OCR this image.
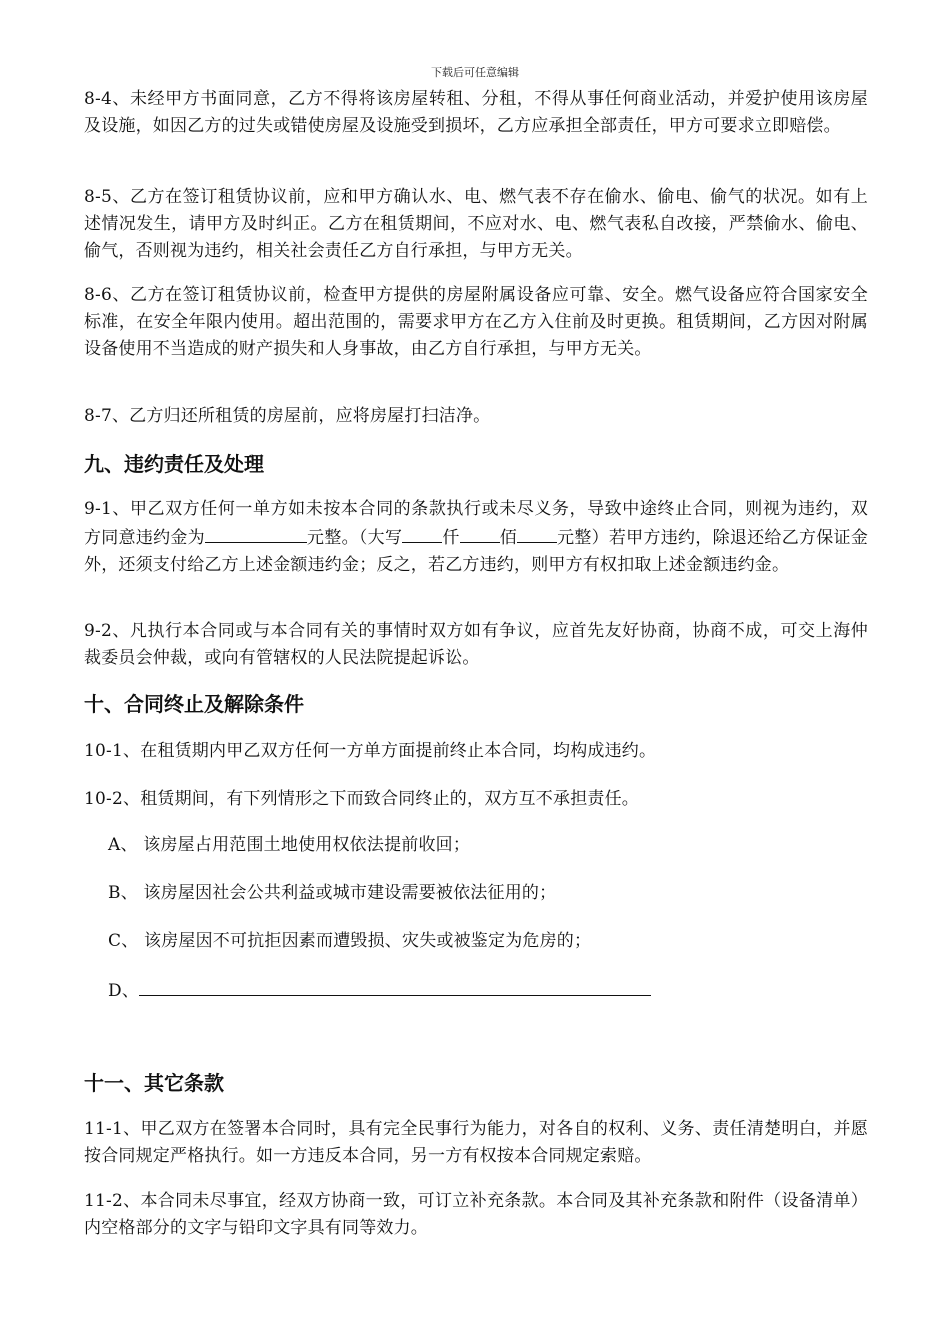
下载后可任意编辑
8-4、未经甲方书面同意，乙方不得将该房屋转租、分租，不得从事任何商业活动，并爱护使用该房屋及设施，如因乙方的过失或错使房屋及设施受到损坏，乙方应承担全部责任，甲方可要求立即赔偿。
8-5、乙方在签订租赁协议前，应和甲方确认水、电、燃气表不存在偷水、偷电、偷气的状况。如有上述情况发生，请甲方及时纠正。乙方在租赁期间，不应对水、电、燃气表私自改接，严禁偷水、偷电、偷气，否则视为违约，相关社会责任乙方自行承担，与甲方无关。
8-6、乙方在签订租赁协议前，检查甲方提供的房屋附属设备应可靠、安全。燃气设备应符合国家安全标准，在安全年限内使用。超出范围的，需要求甲方在乙方入住前及时更换。租赁期间，乙方因对附属设备使用不当造成的财产损失和人身事故，由乙方自行承担，与甲方无关。
8-7、乙方归还所租赁的房屋前，应将房屋打扫洁净。
九、违约责任及处理
9-1、甲乙双方任何一单方如未按本合同的条款执行或未尽义务，导致中途终止合同，则视为违约，双方同意违约金为	元整。（大写 仟 佰 元整）若甲方违约，除退还给乙方保证金外，还须支付给乙方上述金额违约金；反之，若乙方违约，则甲方有权扣取上述金额违约金。
9-2、凡执行本合同或与本合同有关的事情时双方如有争议，应首先友好协商，协商不成，可交上海仲裁委员会仲裁，或向有管辖权的人民法院提起诉讼。
十、合同终止及解除条件
10-1、在租赁期内甲乙双方任何一方单方面提前终止本合同，均构成违约。
10-2、租赁期间，有下列情形之下而致合同终止的，双方互不承担责任。
A、 该房屋占用范围土地使用权依法提前收回；
B、 该房屋因社会公共利益或城市建设需要被依法征用的；
C、 该房屋因不可抗拒因素而遭毁损、灾失或被鉴定为危房的；
D、
十一、其它条款
11-1、甲乙双方在签署本合同时，具有完全民事行为能力，对各自的权利、义务、责任清楚明白，并愿按合同规定严格执行。如一方违反本合同，另一方有权按本合同规定索赔。
11-2、本合同未尽事宜，经双方协商一致，可订立补充条款。本合同及其补充条款和附件（设备清单）内空格部分的文字与铅印文字具有同等效力。
